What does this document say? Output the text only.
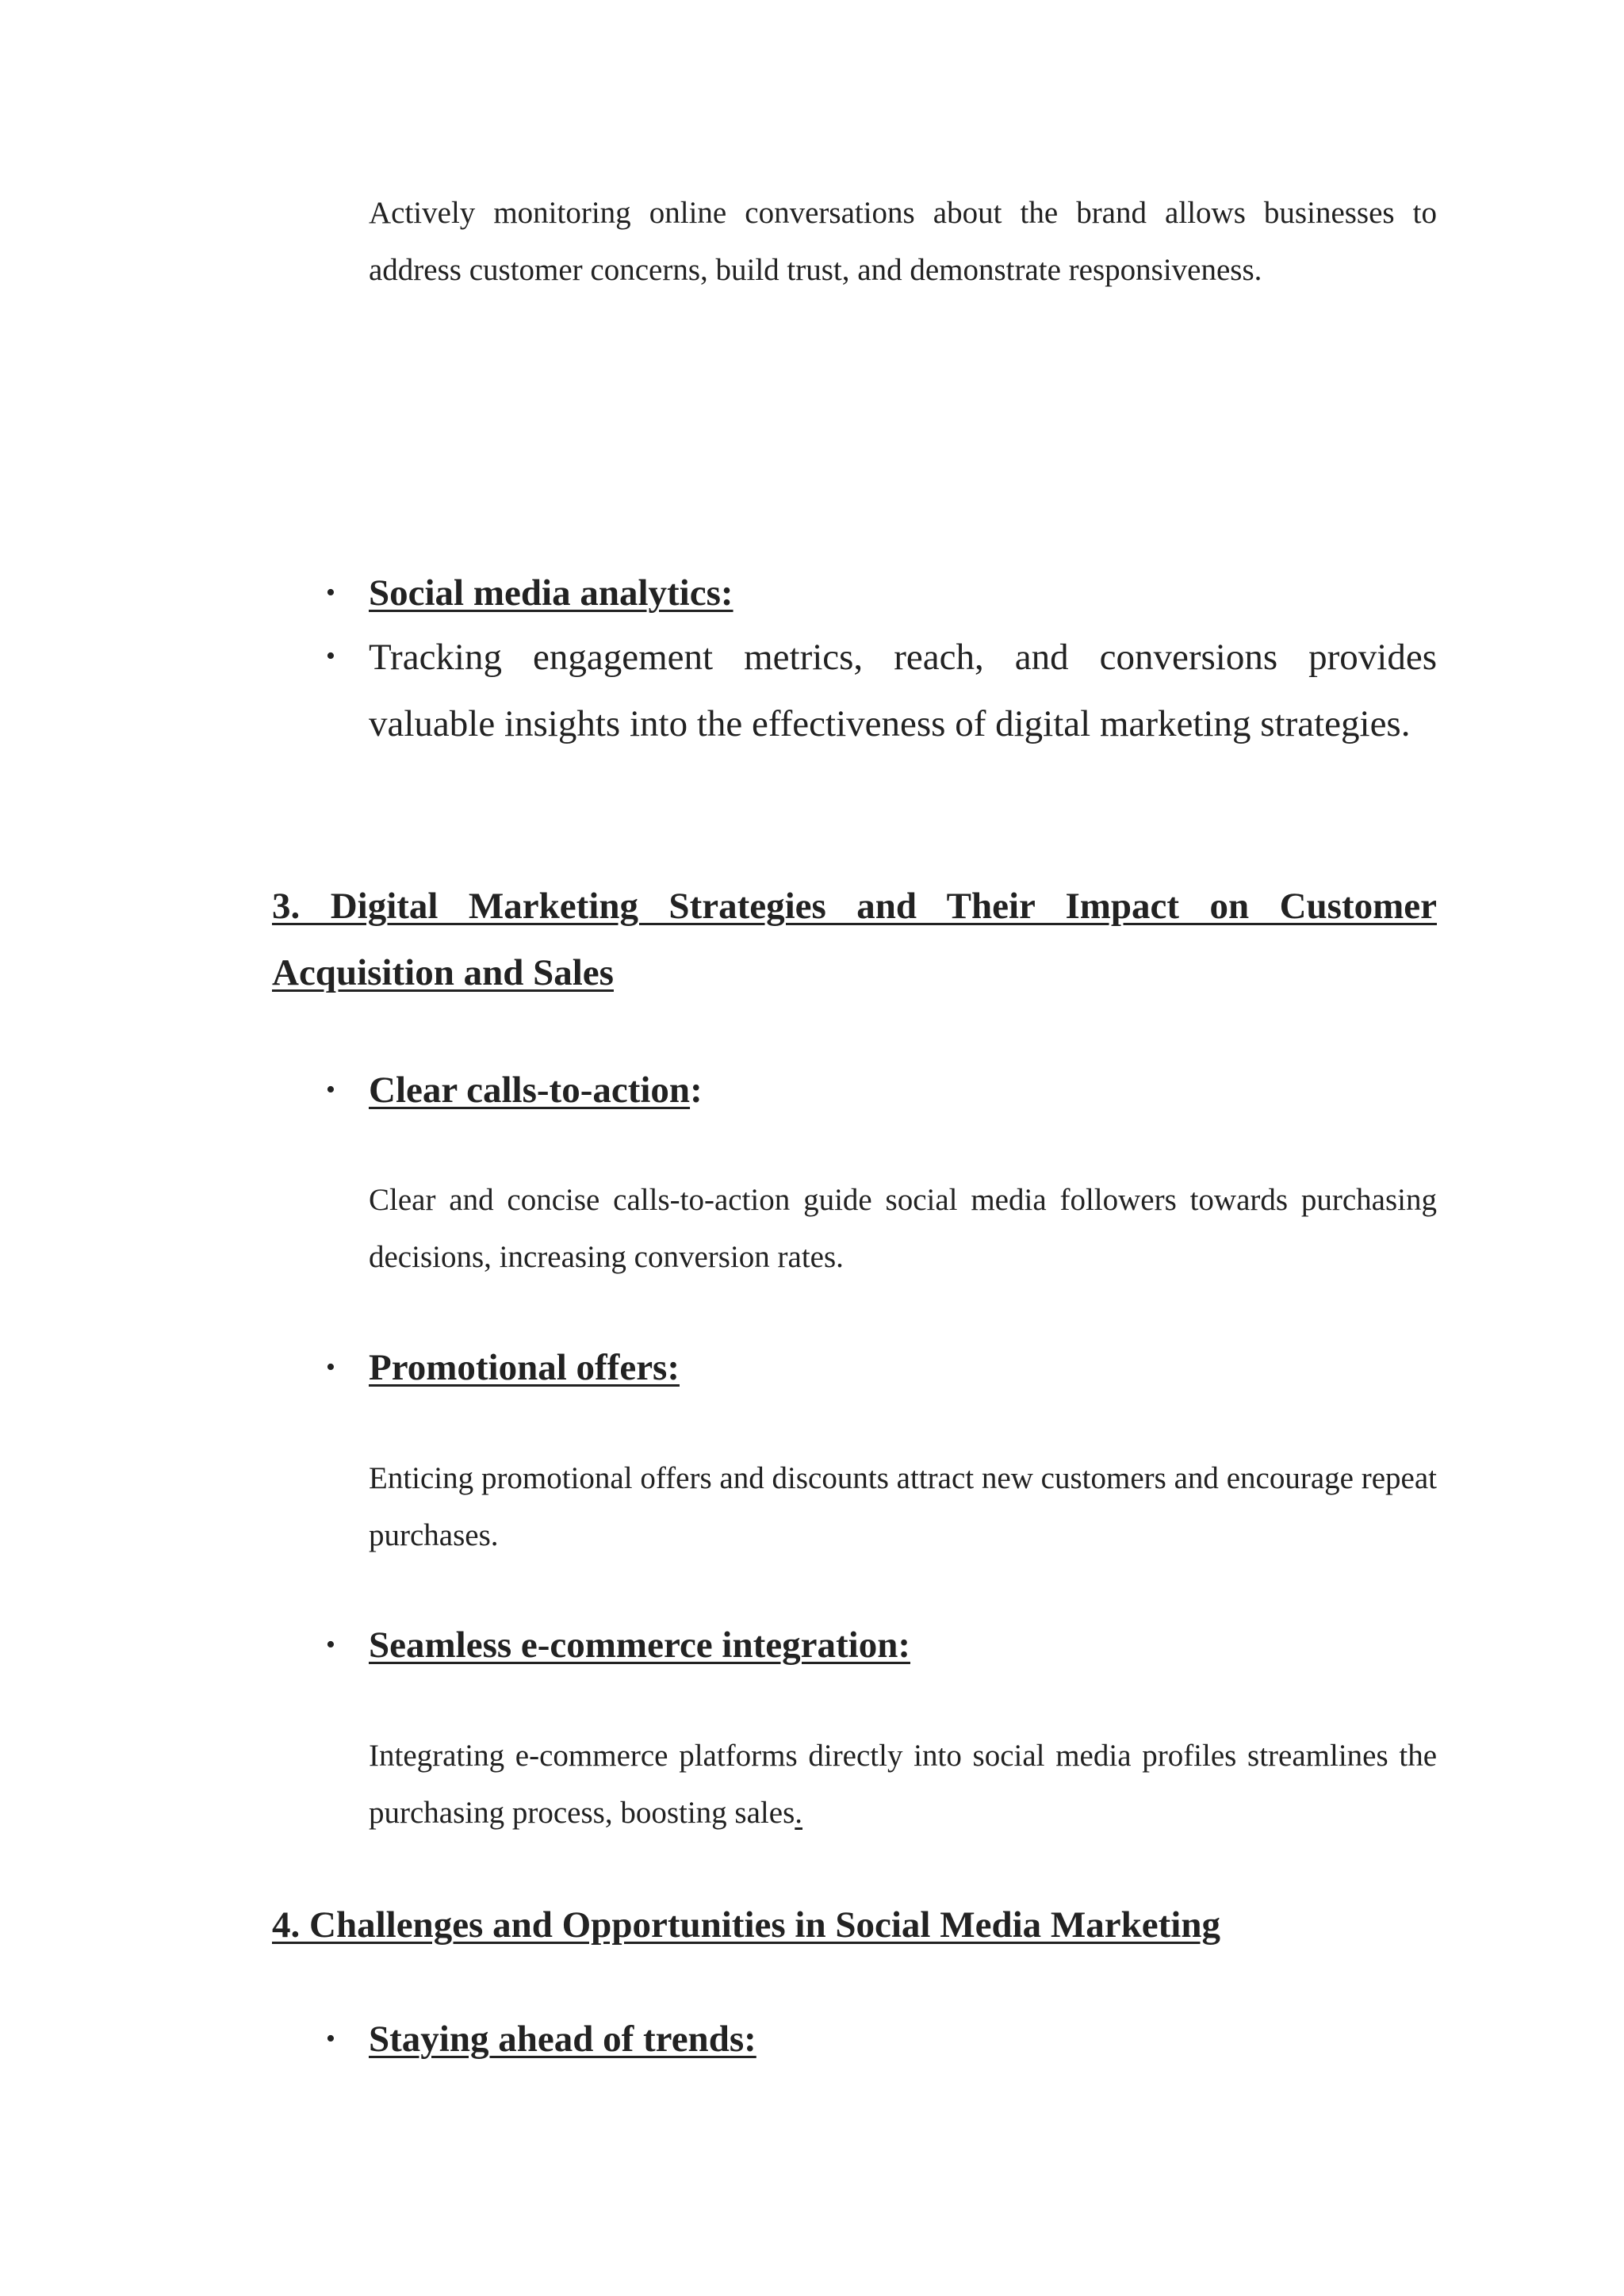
Actively monitoring online conversations about the brand allows businesses to address customer concerns, build trust, and demonstrate responsiveness.

• Social media analytics:

• Tracking engagement metrics, reach, and conversions provides valuable insights into the effectiveness of digital marketing strategies.

3. Digital Marketing Strategies and Their Impact on Customer Acquisition and Sales
• Clear calls-to-action:

Clear and concise calls-to-action guide social media followers towards purchasing decisions, increasing conversion rates.

• Promotional offers:

Enticing promotional offers and discounts attract new customers and encourage repeat purchases.

• Seamless e-commerce integration:

Integrating e-commerce platforms directly into social media profiles streamlines the purchasing process, boosting sales.

4. Challenges and Opportunities in Social Media Marketing
• Staying ahead of trends:
